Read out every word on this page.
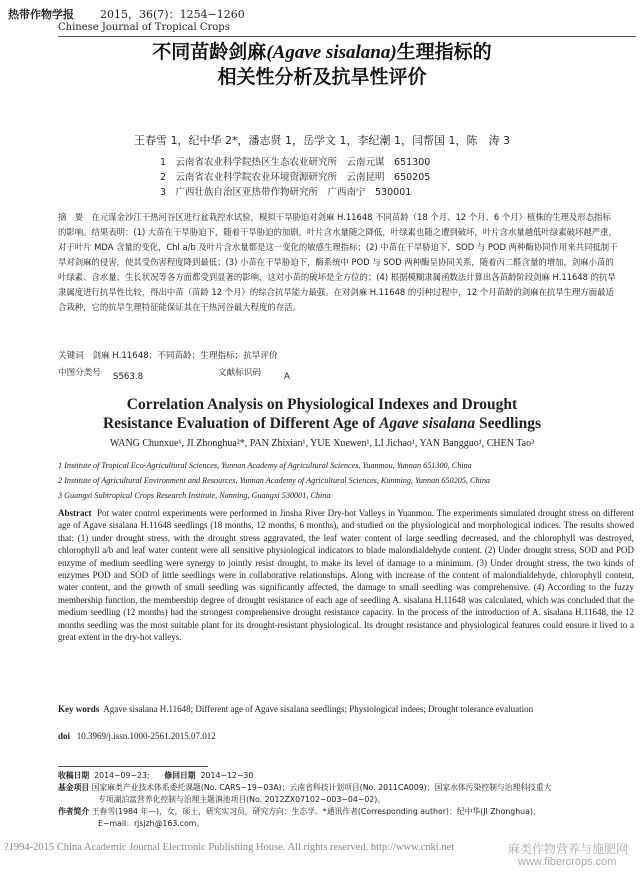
热带作物学报 2015，36(7)：1254−1260
Chinese Journal of Tropical Crops
不同苗龄剑麻(Agave sisalana)生理指标的
相关性分析及抗旱性评价
王春雪 1，纪中华 2*，潘志贤 1，岳学文 1，李纪潮 1，闫帮国 1，陈　涛 3
1　云南省农业科学院热区生态农业研究所　云南元谋　651300
2　云南省农业科学院农业环境资源研究所　云南昆明　650205
3　广西壮族自治区亚热带作物研究所　广西南宁　530001
摘　要　在元谋金沙江干热河谷区进行盆栽控水试验，模拟干旱胁迫对剑麻 H.11648 不同苗龄（18 个月、12 个月、6 个月）植株的生理及形态指标的影响。结果表明：(1) 大苗在干旱胁迫下，随着干旱胁迫的加剧，叶片含水量随之降低，叶绿素也随之遭到破坏，叶片含水量越低叶绿素破坏越严重，对于叶片 MDA 含量的变化，Chl a/b 及叶片含水量都是这一变化的敏感生理指标；(2) 中苗在干旱胁迫下，SOD 与 POD 两种酶协同作用来共同抵制干旱对剑麻的侵害，使其受伤害程度降到最低；(3) 小苗在干旱胁迫下，酶系统中 POD 与 SOD 两种酶呈协同关系，随着丙二醛含量的增加，剑麻小苗的叶绿素、含水量、生长状况等各方面都受到显著的影响，这对小苗的破坏是全方位的；(4) 根据模糊隶属函数法计算出各苗龄阶段剑麻 H.11648 的抗旱隶属度进行抗旱性比较，得出中苗（苗龄 12 个月）的综合抗旱能力最强。在对剑麻 H.11648 的引种过程中，12 个月苗龄的剑麻在抗旱生理方面最适合栽种，它的抗旱生理特征能保证其在干热河谷最大程度的存活。
关键词　剑麻 H.11648；不同苗龄；生理指标；抗旱评价
中图分类号 S563.8	文献标识码	A
Correlation Analysis on Physiological Indexes and Drought
Resistance Evaluation of Different Age of Agave sisalana Seedlings
WANG Chunxue¹, JI Zhonghua²*, PAN Zhixian¹, YUE Xuewen¹, LI Jichao¹, YAN Bangguo¹, CHEN Tao³
1 Institute of Tropical Eco-Agricultural Sciences, Yunnan Academy of Agricultural Sciences, Yuanmou, Yunnan 651300, China
2 Institute of Agricultural Environment and Resources, Yunnan Academy of Agricultural Sciences, Kunming, Yunnan 650205, China
3 Guangxi Subtropical Crops Research Institute, Nanning, Guangxi 530001, China
Abstract Pot water control experiments were performed in Jinsha River Dry-hot Valleys in Yuanmou. The experiments simulated drought stress on different age of Agave sisalana H.11648 seedlings (18 months, 12 months, 6 months), and studied on the physiological and morphological indices. The results showed that: (1) under drought stress, with the drought stress aggravated, the leaf water content of large seedling decreased, and the chlorophyll was destroyed, chlorophyll a/b and leaf water content were all sensitive physiological indicators to blade malondialdehyde content. (2) Under drought stress, SOD and POD enzyme of medium seedling were synergy to jointly resist drought, to make its level of damage to a minimum. (3) Under drought stress, the two kinds of enzymes POD and SOD of little seedlings were in collaborative relationships. Along with increase of the content of malondialdehyde, chlorophyll content, water content, and the growth of small seedling was significantly affected, the damage to small seedling was comprehensive. (4) According to the fuzzy membership function, the membership degree of drought resistance of each age of seedling A. sisalana H.11648 was calculated, which was concluded that the medium seedling (12 months) had the strongest comprehensive drought resistance capacity. In the process of the introduction of A. sisalana H.11648, the 12 months seedling was the most suitable plant for its drought-resistant physiological. Its drought resistance and physiological features could ensure it lived to a great extent in the dry-hot valleys.
Key words Agave sisalana H.11648; Different age of Agave sisalana seedlings; Physiological indees; Drought tolerance evaluation
doi 10.3969/j.issn.1000-2561.2015.07.012
收稿日期 2014−09−23;      修回日期 2014−12−30
基金项目 国家麻类产业技术体系委托课题(No. CARS−19−03A)；云南省科技计划项目(No. 2011CA009)；国家水体污染控制与治理科技重大
专项湖泊富营养化控制与治理主题滇池项目(No. 2012ZX07102−003−04−02)。
作者简介 王春雪(1984 年—)，女，硕士，研究实习员，研究方向：生态学。*通讯作者(Corresponding author)：纪中华(JI Zhonghua)，
E−mail：rjsjzh@163.com。
?1994-2015 China Academic Journal Electronic Publishing House. All rights reserved. http://www.cnki.net	麻类作物营养与施肥网
www.fibercrops.com
